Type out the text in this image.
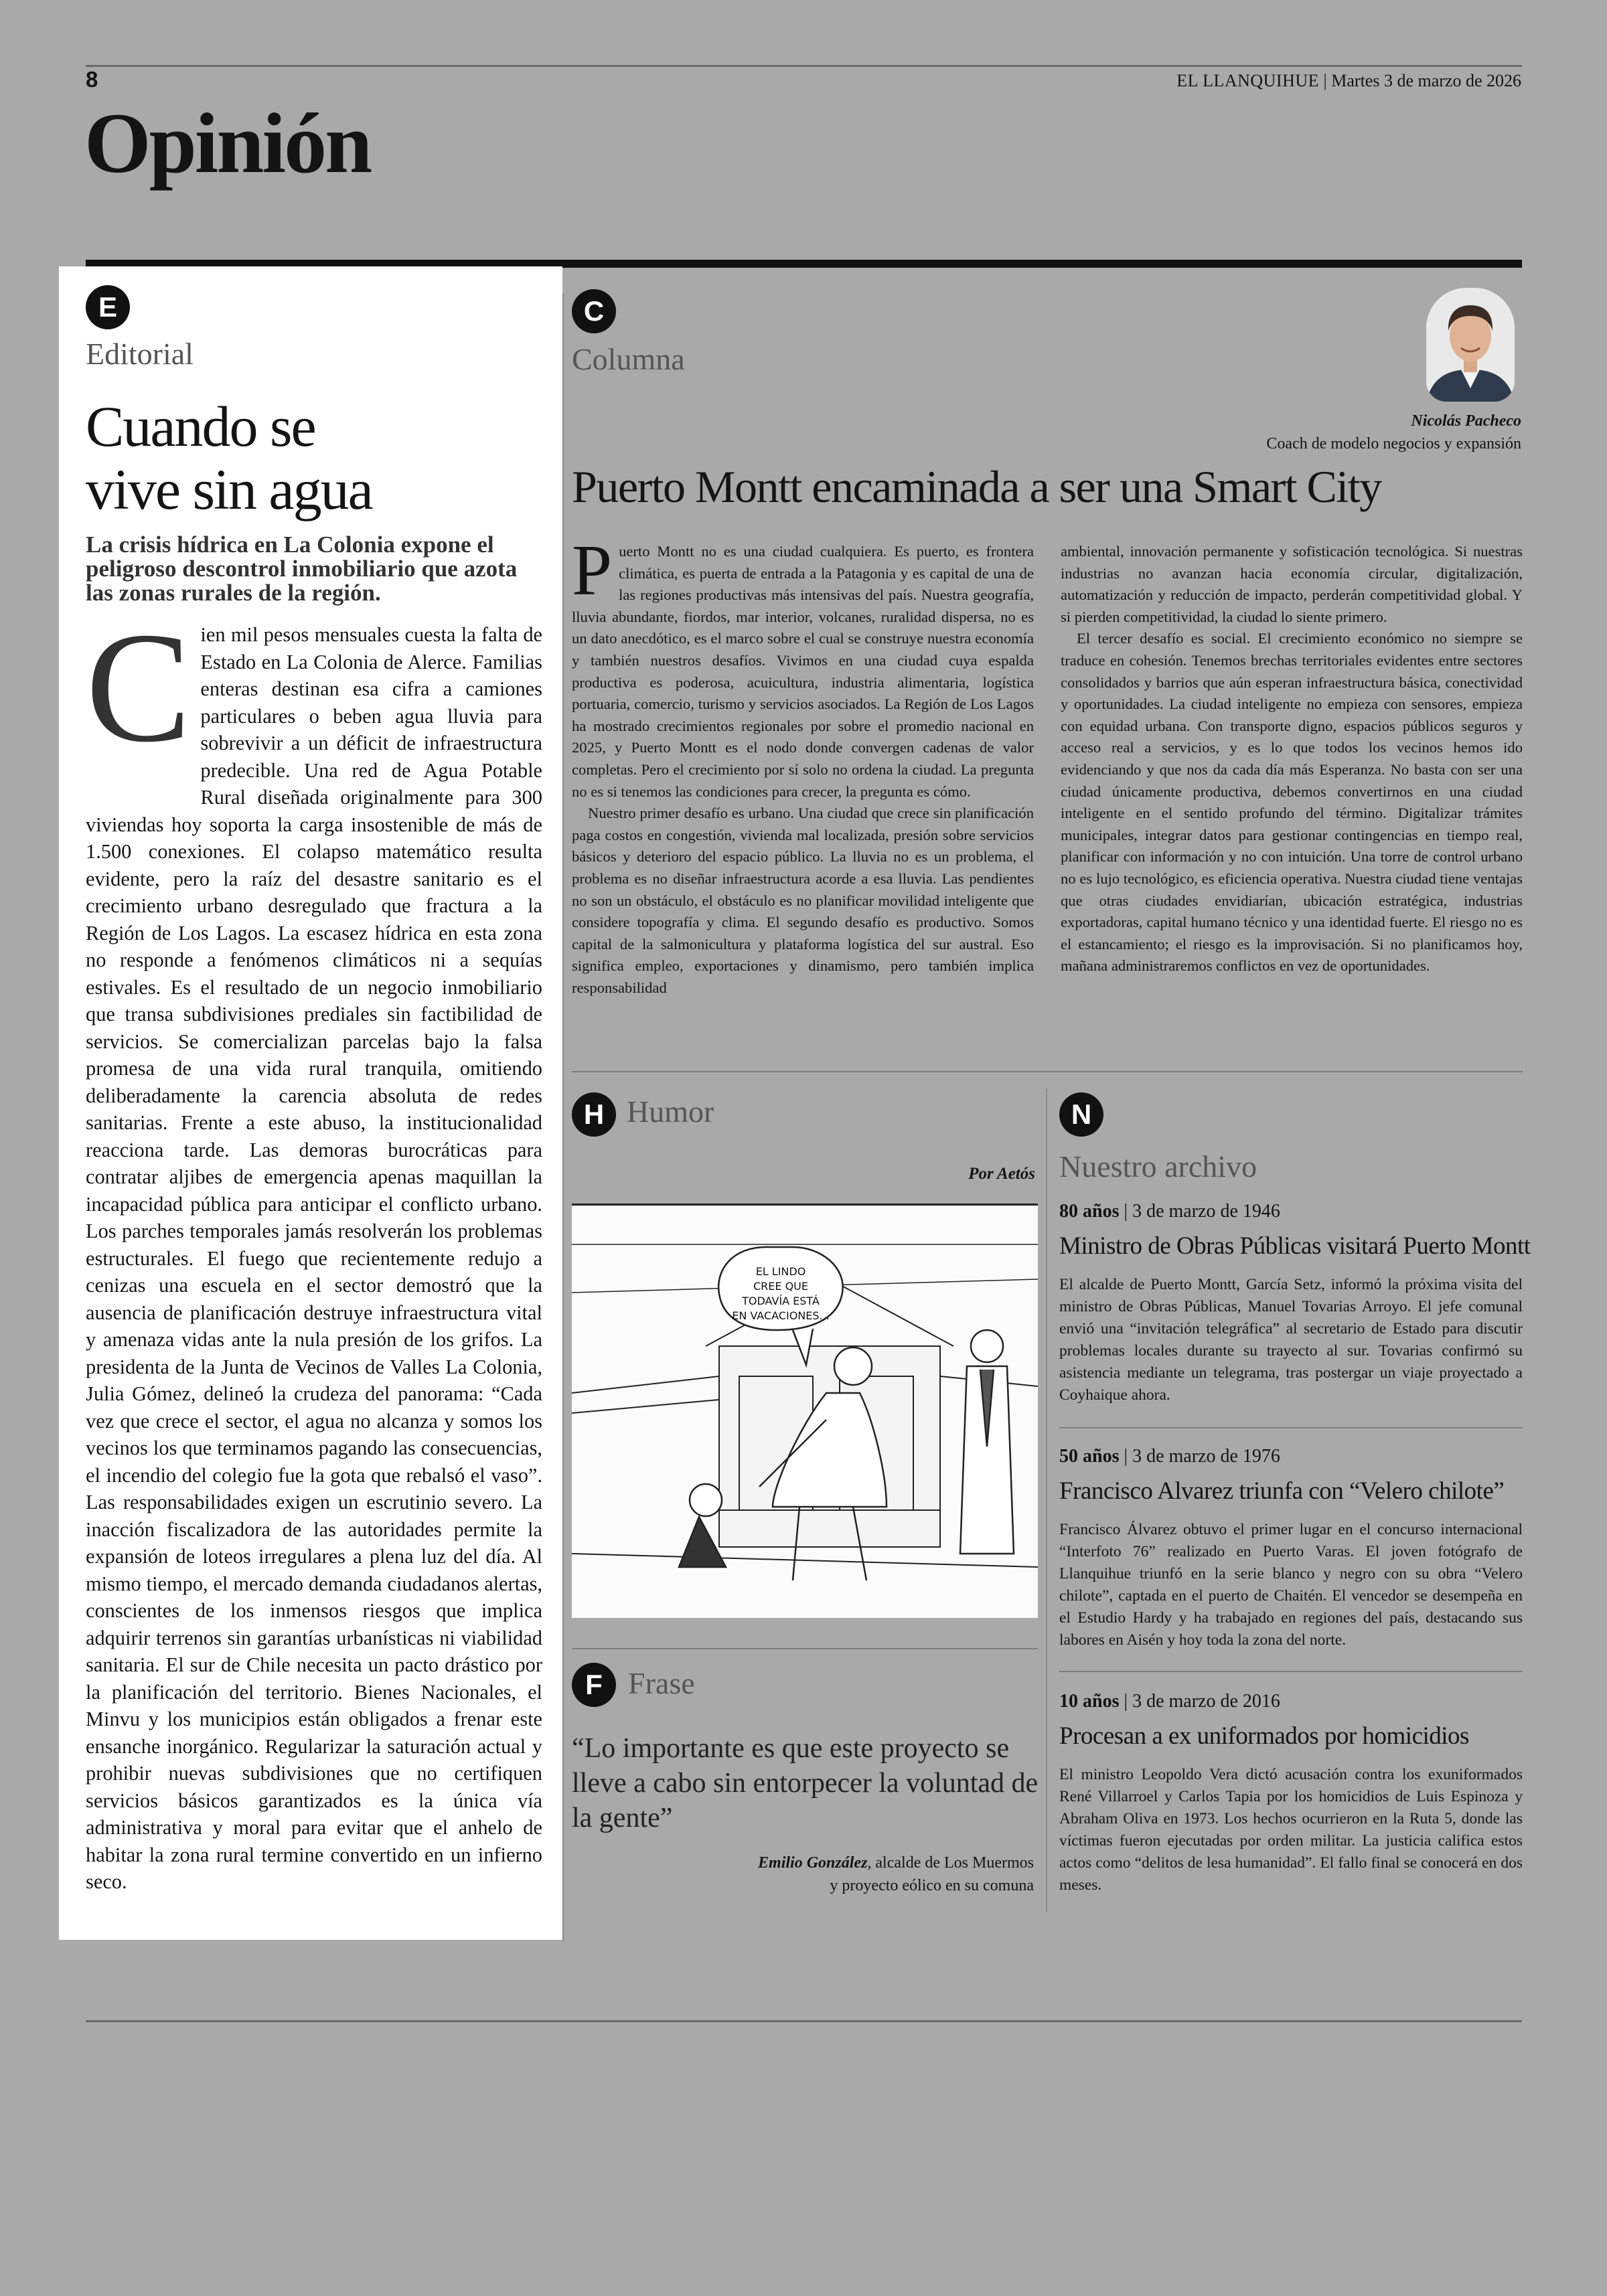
8	EL LLANQUIHUE | Martes 3 de marzo de 2026
Opinión
E
Editorial
Cuando se
vive sin agua
La crisis hídrica en La Colonia expone el peligroso descontrol inmobiliario que azota las zonas rurales de la región.
Cien mil pesos mensuales cuesta la falta de Estado en La Colonia de Alerce. Familias enteras destinan esa cifra a camiones particulares o beben agua lluvia para sobrevivir a un déficit de infraestructura predecible. Una red de Agua Potable Rural diseñada originalmente para 300 viviendas hoy soporta la carga insostenible de más de 1.500 conexiones. El colapso matemático resulta evidente, pero la raíz del desastre sanitario es el crecimiento urbano desregulado que fractura a la Región de Los Lagos. La escasez hídrica en esta zona no responde a fenómenos climáticos ni a sequías estivales. Es el resultado de un negocio inmobiliario que transa subdivisiones prediales sin factibilidad de servicios. Se comercializan parcelas bajo la falsa promesa de una vida rural tranquila, omitiendo deliberadamente la carencia absoluta de redes sanitarias. Frente a este abuso, la institucionalidad reacciona tarde. Las demoras burocráticas para contratar aljibes de emergencia apenas maquillan la incapacidad pública para anticipar el conflicto urbano. Los parches temporales jamás resolverán los problemas estructurales. El fuego que recientemente redujo a cenizas una escuela en el sector demostró que la ausencia de planificación destruye infraestructura vital y amenaza vidas ante la nula presión de los grifos. La presidenta de la Junta de Vecinos de Valles La Colonia, Julia Gómez, delineó la crudeza del panorama: “Cada vez que crece el sector, el agua no alcanza y somos los vecinos los que terminamos pagando las consecuencias, el incendio del colegio fue la gota que rebalsó el vaso”. Las responsabilidades exigen un escrutinio severo. La inacción fiscalizadora de las autoridades permite la expansión de loteos irregulares a plena luz del día. Al mismo tiempo, el mercado demanda ciudadanos alertas, conscientes de los inmensos riesgos que implica adquirir terrenos sin garantías urbanísticas ni viabilidad sanitaria. El sur de Chile necesita un pacto drástico por la planificación del territorio. Bienes Nacionales, el Minvu y los municipios están obligados a frenar este ensanche inorgánico. Regularizar la saturación actual y prohibir nuevas subdivisiones que no certifiquen servicios básicos garantizados es la única vía administrativa y moral para evitar que el anhelo de habitar la zona rural termine convertido en un infierno seco.
C
Columna
Nicolás Pacheco
Coach de modelo negocios y expansión
Puerto Montt encaminada a ser una Smart City

Puerto Montt no es una ciudad cualquiera. Es puerto, es frontera climática, es puerta de entrada a la Patagonia y es capital de una de las regiones productivas más intensivas del país. Nuestra geografía, lluvia abundante, fiordos, mar interior, volcanes, ruralidad dispersa, no es un dato anecdótico, es el marco sobre el cual se construye nuestra economía y también nuestros desafíos. Vivimos en una ciudad cuya espalda productiva es poderosa, acuicultura, industria alimentaria, logística portuaria, comercio, turismo y servicios asociados. La Región de Los Lagos ha mostrado crecimientos regionales por sobre el promedio nacional en 2025, y Puerto Montt es el nodo donde convergen cadenas de valor completas. Pero el crecimiento por sí solo no ordena la ciudad. La pregunta no es si tenemos las condiciones para crecer, la pregunta es cómo.

Nuestro primer desafío es urbano. Una ciudad que crece sin planificación paga costos en congestión, vivienda mal localizada, presión sobre servicios básicos y deterioro del espacio público. La lluvia no es un problema, el problema es no diseñar infraestructura acorde a esa lluvia. Las pendientes no son un obstáculo, el obstáculo es no planificar movilidad inteligente que considere topografía y clima. El segundo desafío es productivo. Somos capital de la salmonicultura y plataforma logística del sur austral. Eso significa empleo, exportaciones y dinamismo, pero también implica responsabilidad

ambiental, innovación permanente y sofisticación tecnológica. Si nuestras industrias no avanzan hacia economía circular, digitalización, automatización y reducción de impacto, perderán competitividad global. Y si pierden competitividad, la ciudad lo siente primero.

El tercer desafío es social. El crecimiento económico no siempre se traduce en cohesión. Tenemos brechas territoriales evidentes entre sectores consolidados y barrios que aún esperan infraestructura básica, conectividad y oportunidades. La ciudad inteligente no empieza con sensores, empieza con equidad urbana. Con transporte digno, espacios públicos seguros y acceso real a servicios, y es lo que todos los vecinos hemos ido evidenciando y que nos da cada día más Esperanza. No basta con ser una ciudad únicamente productiva, debemos convertirnos en una ciudad inteligente en el sentido profundo del término. Digitalizar trámites municipales, integrar datos para gestionar contingencias en tiempo real, planificar con información y no con intuición. Una torre de control urbano no es lujo tecnológico, es eficiencia operativa. Nuestra ciudad tiene ventajas que otras ciudades envidiarían, ubicación estratégica, industrias exportadoras, capital humano técnico y una identidad fuerte. El riesgo no es el estancamiento; el riesgo es la improvisación. Si no planificamos hoy, mañana administraremos conflictos en vez de oportunidades.

H Humor
Por Aetós
EL LINDO
CREE QUE
TODAVÍA ESTÁ
EN VACACIONES...
F Frase
“Lo importante es que este proyecto se lleve a cabo sin entorpecer la voluntad de la gente”
Emilio González, alcalde de Los Muermos
y proyecto eólico en su comuna
N
Nuestro archivo
80 años | 3 de marzo de 1946
Ministro de Obras Públicas visitará Puerto Montt
El alcalde de Puerto Montt, García Setz, informó la próxima visita del ministro de Obras Públicas, Manuel Tovarias Arroyo. El jefe comunal envió una “invitación telegráfica” al secretario de Estado para discutir problemas locales durante su trayecto al sur. Tovarias confirmó su asistencia mediante un telegrama, tras postergar un viaje proyectado a Coyhaique ahora.
50 años | 3 de marzo de 1976
Francisco Alvarez triunfa con “Velero chilote”
Francisco Álvarez obtuvo el primer lugar en el concurso internacional “Interfoto 76” realizado en Puerto Varas. El joven fotógrafo de Llanquihue triunfó en la serie blanco y negro con su obra “Velero chilote”, captada en el puerto de Chaitén. El vencedor se desempeña en el Estudio Hardy y ha trabajado en regiones del país, destacando sus labores en Aisén y hoy toda la zona del norte.
10 años | 3 de marzo de 2016
Procesan a ex uniformados por homicidios
El ministro Leopoldo Vera dictó acusación contra los exuniformados René Villarroel y Carlos Tapia por los homicidios de Luis Espinoza y Abraham Oliva en 1973. Los hechos ocurrieron en la Ruta 5, donde las víctimas fueron ejecutadas por orden militar. La justicia califica estos actos como “delitos de lesa humanidad”. El fallo final se conocerá en dos meses.
